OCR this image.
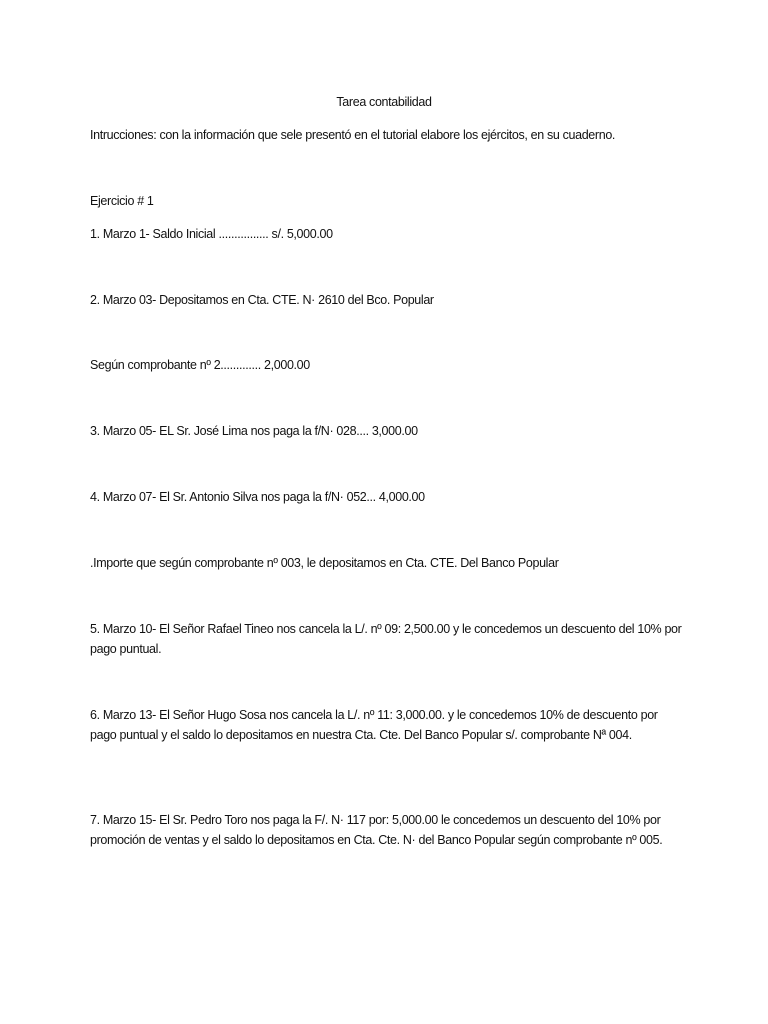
Tarea contabilidad
Intrucciones: con la información que sele presentó en el tutorial elabore los ejércitos, en su cuaderno.
Ejercicio # 1
1. Marzo 1- Saldo Inicial ................ s/. 5,000.00
2. Marzo 03- Depositamos en Cta. CTE. N· 2610 del Bco. Popular
Según comprobante nº 2............. 2,000.00
3. Marzo 05- EL Sr. José Lima nos paga la f/N· 028.... 3,000.00
4. Marzo 07- El Sr. Antonio Silva nos paga la f/N· 052... 4,000.00
.Importe que según comprobante nº 003, le depositamos en Cta. CTE. Del Banco Popular
5. Marzo 10- El Señor Rafael Tineo nos cancela la L/. nº 09: 2,500.00 y le concedemos un descuento del 10% por pago puntual.
6. Marzo 13- El Señor Hugo Sosa nos cancela la L/. nº 11: 3,000.00. y le concedemos 10% de descuento por pago puntual y el saldo lo depositamos en nuestra Cta. Cte. Del Banco Popular s/. comprobante Nª 004.
7. Marzo 15- El Sr. Pedro Toro nos paga la F/. N· 117 por: 5,000.00 le concedemos un descuento del 10% por promoción de ventas y el saldo lo depositamos en Cta. Cte. N· del Banco Popular según comprobante nº 005.
